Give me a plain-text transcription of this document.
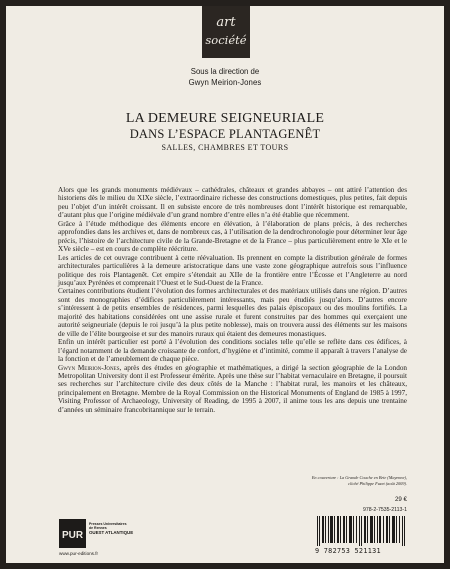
art
société
Sous la direction de
Gwyn Meirion-Jones
LA DEMEURE SEIGNEURIALE
DANS L’ESPACE PLANTAGENÊT
SALLES, CHAMBRES ET TOURS

Alors que les grands monuments médiévaux – cathédrales, châteaux et grandes abbayes – ont attiré l’attention des historiens dès le milieu du XIXe siècle, l’extraordinaire richesse des constructions domestiques, plus petites, fait depuis peu l’objet d’un intérêt croissant. Il en subsiste encore de très nombreuses dont l’intérêt historique est remarquable, d’autant plus que l’origine médiévale d’un grand nombre d’entre elles n’a été établie que récemment.

Grâce à l’étude méthodique des éléments encore en élévation, à l’élaboration de plans précis, à des recherches approfondies dans les archives et, dans de nombreux cas, à l’utilisation de la dendrochronologie pour déterminer leur âge précis, l’histoire de l’architecture civile de la Grande-Bretagne et de la France – plus particulièrement entre le XIe et le XVe siècle – est en cours de complète réécriture.

Les articles de cet ouvrage contribuent à cette réévaluation. Ils prennent en compte la distribution générale de formes architecturales particulières à la demeure aristocratique dans une vaste zone géographique autrefois sous l’influence politique des rois Plantagenêt. Cet empire s’étendait au XIIe de la frontière entre l’Écosse et l’Angleterre au nord jusqu’aux Pyrénées et comprenait l’Ouest et le Sud-Ouest de la France.

Certaines contributions étudient l’évolution des formes architecturales et des matériaux utilisés dans une région. D’autres sont des monographies d’édifices particulièrement intéressants, mais peu étudiés jusqu’alors. D’autres encore s’intéressent à de petits ensembles de résidences, parmi lesquelles des palais épiscopaux ou des moulins fortifiés. La majorité des habitations considérées ont une assise rurale et furent construites par des hommes qui exerçaient une autorité seigneuriale (depuis le roi jusqu’à la plus petite noblesse), mais on trouvera aussi des éléments sur les maisons de ville de l’élite bourgeoise et sur des manoirs ruraux qui étaient des demeures monastiques.

Enfin un intérêt particulier est porté à l’évolution des conditions sociales telle qu’elle se reflète dans ces édifices, à l’égard notamment de la demande croissante de confort, d’hygiène et d’intimité, comme il apparaît à travers l’analyse de la fonction et de l’ameublement de chaque pièce.

Gwyn Meirion-Jones, après des études en géographie et mathématiques, a dirigé la section géographie de la London Metropolitan University dont il est Professeur émérite. Après une thèse sur l’habitat vernaculaire en Bretagne, il poursuit ses recherches sur l’architecture civile des deux côtés de la Manche : l’habitat rural, les manoirs et les châteaux, principalement en Bretagne. Membre de la Royal Commission on the Historical Monuments of England de 1985 à 1997, Visiting Professor of Archaeology, University of Reading, de 1995 à 2007, il anime tous les ans depuis une trentaine d’années un séminaire francobritannique sur le terrain.

En couverture : La Grande Couche en Brie (Mayenne),
cliché Philippe Fuzet (août 2009).
29 €
978-2-7535-2113-1
9 782753 521131
PUR
Presses Universitaires
de Rennes
OUEST ATLANTIQUE
www.pur-editions.fr
